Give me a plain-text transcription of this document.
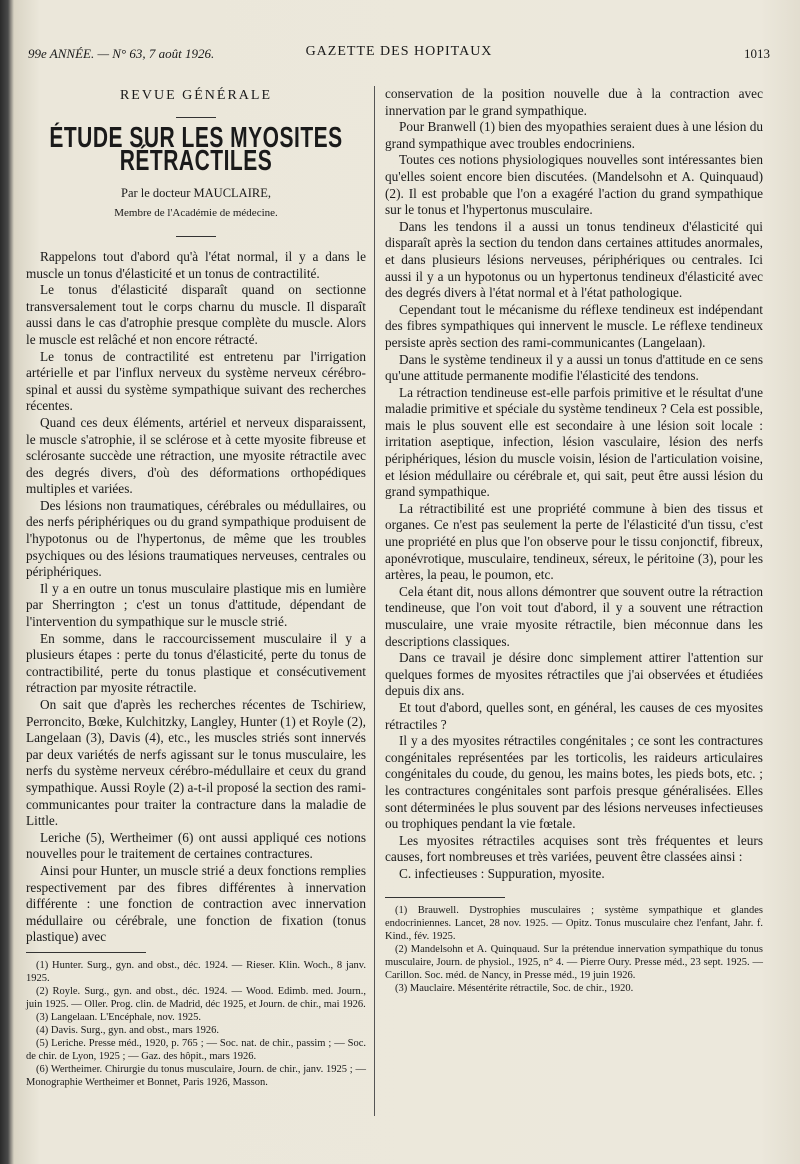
99e ANNÉE. — N° 63, 7 août 1926.	GAZETTE DES HOPITAUX	1013
REVUE GÉNÉRALE
ÉTUDE SUR LES MYOSITES RÉTRACTILES
Par le docteur MAUCLAIRE,
Membre de l'Académie de médecine.

Rappelons tout d'abord qu'à l'état normal, il y a dans le muscle un tonus d'élasticité et un tonus de contractilité.

Le tonus d'élasticité disparaît quand on sectionne transversalement tout le corps charnu du muscle. Il disparaît aussi dans le cas d'atrophie presque complète du muscle. Alors le muscle est relâché et non encore rétracté.

Le tonus de contractilité est entretenu par l'irrigation artérielle et par l'influx nerveux du système nerveux cérébro-spinal et aussi du système sympathique suivant des recherches récentes.

Quand ces deux éléments, artériel et nerveux disparaissent, le muscle s'atrophie, il se sclérose et à cette myosite fibreuse et sclérosante succède une rétraction, une myosite rétractile avec des degrés divers, d'où des déformations orthopédiques multiples et variées.

Des lésions non traumatiques, cérébrales ou médullaires, ou des nerfs périphériques ou du grand sympathique produisent de l'hypotonus ou de l'hypertonus, de même que les troubles psychiques ou des lésions traumatiques nerveuses, centrales ou périphériques.

Il y a en outre un tonus musculaire plastique mis en lumière par Sherrington ; c'est un tonus d'attitude, dépendant de l'intervention du sympathique sur le muscle strié.

En somme, dans le raccourcissement musculaire il y a plusieurs étapes : perte du tonus d'élasticité, perte du tonus de contractibilité, perte du tonus plastique et consécutivement rétraction par myosite rétractile.

On sait que d'après les recherches récentes de Tschiriew, Perroncito, Bœke, Kulchitzky, Langley, Hunter (1) et Royle (2), Langelaan (3), Davis (4), etc., les muscles striés sont innervés par deux variétés de nerfs agissant sur le tonus musculaire, les nerfs du système nerveux cérébro-médullaire et ceux du grand sympathique. Aussi Royle (2) a-t-il proposé la section des rami-communicantes pour traiter la contracture dans la maladie de Little.

Leriche (5), Wertheimer (6) ont aussi appliqué ces notions nouvelles pour le traitement de certaines contractures.

Ainsi pour Hunter, un muscle strié a deux fonctions remplies respectivement par des fibres différentes à innervation différente : une fonction de contraction avec innervation médullaire ou cérébrale, une fonction de fixation (tonus plastique) avec

(1) Hunter. Surg., gyn. and obst., déc. 1924. — Rieser. Klin. Woch., 8 janv. 1925.
(2) Royle. Surg., gyn. and obst., déc. 1924. — Wood. Edimb. med. Journ., juin 1925. — Oller. Prog. clin. de Madrid, déc 1925, et Journ. de chir., mai 1926.
(3) Langelaan. L'Encéphale, nov. 1925.
(4) Davis. Surg., gyn. and obst., mars 1926.
(5) Leriche. Presse méd., 1920, p. 765 ; — Soc. nat. de chir., passim ; — Soc. de chir. de Lyon, 1925 ; — Gaz. des hôpit., mars 1926.
(6) Wertheimer. Chirurgie du tonus musculaire, Journ. de chir., janv. 1925 ; — Monographie Wertheimer et Bonnet, Paris 1926, Masson.

conservation de la position nouvelle due à la contraction avec innervation par le grand sympathique.

Pour Branwell (1) bien des myopathies seraient dues à une lésion du grand sympathique avec troubles endocriniens.

Toutes ces notions physiologiques nouvelles sont intéressantes bien qu'elles soient encore bien discutées. (Mandelsohn et A. Quinquaud) (2). Il est probable que l'on a exagéré l'action du grand sympathique sur le tonus et l'hypertonus musculaire.

Dans les tendons il a aussi un tonus tendineux d'élasticité qui disparaît après la section du tendon dans certaines attitudes anormales, et dans plusieurs lésions nerveuses, périphériques ou centrales. Ici aussi il y a un hypotonus ou un hypertonus tendineux d'élasticité avec des degrés divers à l'état normal et à l'état pathologique.

Cependant tout le mécanisme du réflexe tendineux est indépendant des fibres sympathiques qui innervent le muscle. Le réflexe tendineux persiste après section des rami-communicantes (Langelaan).

Dans le système tendineux il y a aussi un tonus d'attitude en ce sens qu'une attitude permanente modifie l'élasticité des tendons.

La rétraction tendineuse est-elle parfois primitive et le résultat d'une maladie primitive et spéciale du système tendineux ? Cela est possible, mais le plus souvent elle est secondaire à une lésion soit locale : irritation aseptique, infection, lésion vasculaire, lésion des nerfs périphériques, lésion du muscle voisin, lésion de l'articulation voisine, et lésion médullaire ou cérébrale et, qui sait, peut être aussi lésion du grand sympathique.

La rétractibilité est une propriété commune à bien des tissus et organes. Ce n'est pas seulement la perte de l'élasticité d'un tissu, c'est une propriété en plus que l'on observe pour le tissu conjonctif, fibreux, aponévrotique, musculaire, tendineux, séreux, le péritoine (3), pour les artères, la peau, le poumon, etc.

Cela étant dit, nous allons démontrer que souvent outre la rétraction tendineuse, que l'on voit tout d'abord, il y a souvent une rétraction musculaire, une vraie myosite rétractile, bien méconnue dans les descriptions classiques.

Dans ce travail je désire donc simplement attirer l'attention sur quelques formes de myosites rétractiles que j'ai observées et étudiées depuis dix ans.

Et tout d'abord, quelles sont, en général, les causes de ces myosites rétractiles ?

Il y a des myosites rétractiles congénitales ; ce sont les contractures congénitales représentées par les torticolis, les raideurs articulaires congénitales du coude, du genou, les mains botes, les pieds bots, etc. ; les contractures congénitales sont parfois presque généralisées. Elles sont déterminées le plus souvent par des lésions nerveuses infectieuses ou trophiques pendant la vie fœtale.

Les myosites rétractiles acquises sont très fréquentes et leurs causes, fort nombreuses et très variées, peuvent être classées ainsi :

C. infectieuses : Suppuration, myosite.

(1) Brauwell. Dystrophies musculaires ; système sympathique et glandes endocriniennes. Lancet, 28 nov. 1925. — Opitz. Tonus musculaire chez l'enfant, Jahr. f. Kind., fév. 1925.
(2) Mandelsohn et A. Quinquaud. Sur la prétendue innervation sympathique du tonus musculaire, Journ. de physiol., 1925, n° 4. — Pierre Oury. Presse méd., 23 sept. 1925. — Carillon. Soc. méd. de Nancy, in Presse méd., 19 juin 1926.
(3) Mauclaire. Mésentérite rétractile, Soc. de chir., 1920.
